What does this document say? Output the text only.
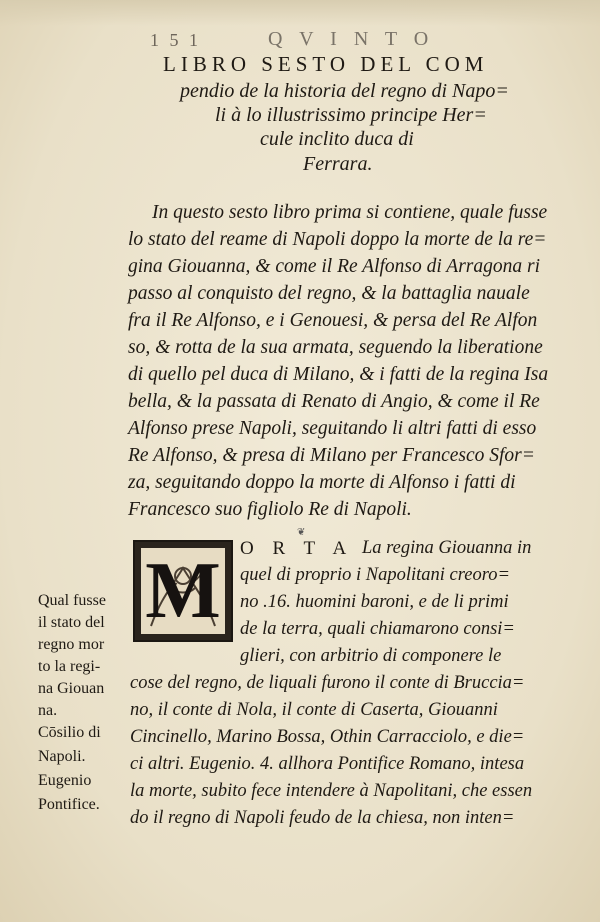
1 5 1	Q V I N T O
LIBRO SESTO DEL COM
pendio de la historia del regno di Napo=
li à lo illustrissimo principe Her=
cule inclito duca di
Ferrara.
In questo sesto libro prima si contiene, quale fusse
lo stato del reame di Napoli doppo la morte de la re=
gina Giouanna, & come il Re Alfonso di Arragona ri
passo al conquisto del regno, & la battaglia nauale
fra il Re Alfonso, e i Genouesi, & persa del Re Alfon
so, & rotta de la sua armata, seguendo la liberatione
di quello pel duca di Milano, & i fatti de la regina Isa
bella, & la passata di Renato di Angio, & come il Re
Alfonso prese Napoli, seguitando li altri fatti di esso
Re Alfonso, & presa di Milano per Francesco Sfor=
za, seguitando doppo la morte di Alfonso i fatti di
Francesco suo figliolo Re di Napoli.
❦
M O R T A La regina Giouanna in
quel di proprio i Napolitani creoro=
no .16. huomini baroni, e de li primi
de la terra, quali chiamarono consi=
glieri, con arbitrio di componere le
cose del regno, de liquali furono il conte di Bruccia=
no, il conte di Nola, il conte di Caserta, Giouanni
Cincinello, Marino Bossa, Othin Carracciolo, e die=
ci altri. Eugenio. 4. allhora Pontifice Romano, intesa
la morte, subito fece intendere à Napolitani, che essen
do il regno di Napoli feudo de la chiesa, non inten=
Qual fusse
il stato del
regno mor
to la regi-
na Giouan
na.
Cōsilio di
Napoli.
Eugenio
Pontifice.
